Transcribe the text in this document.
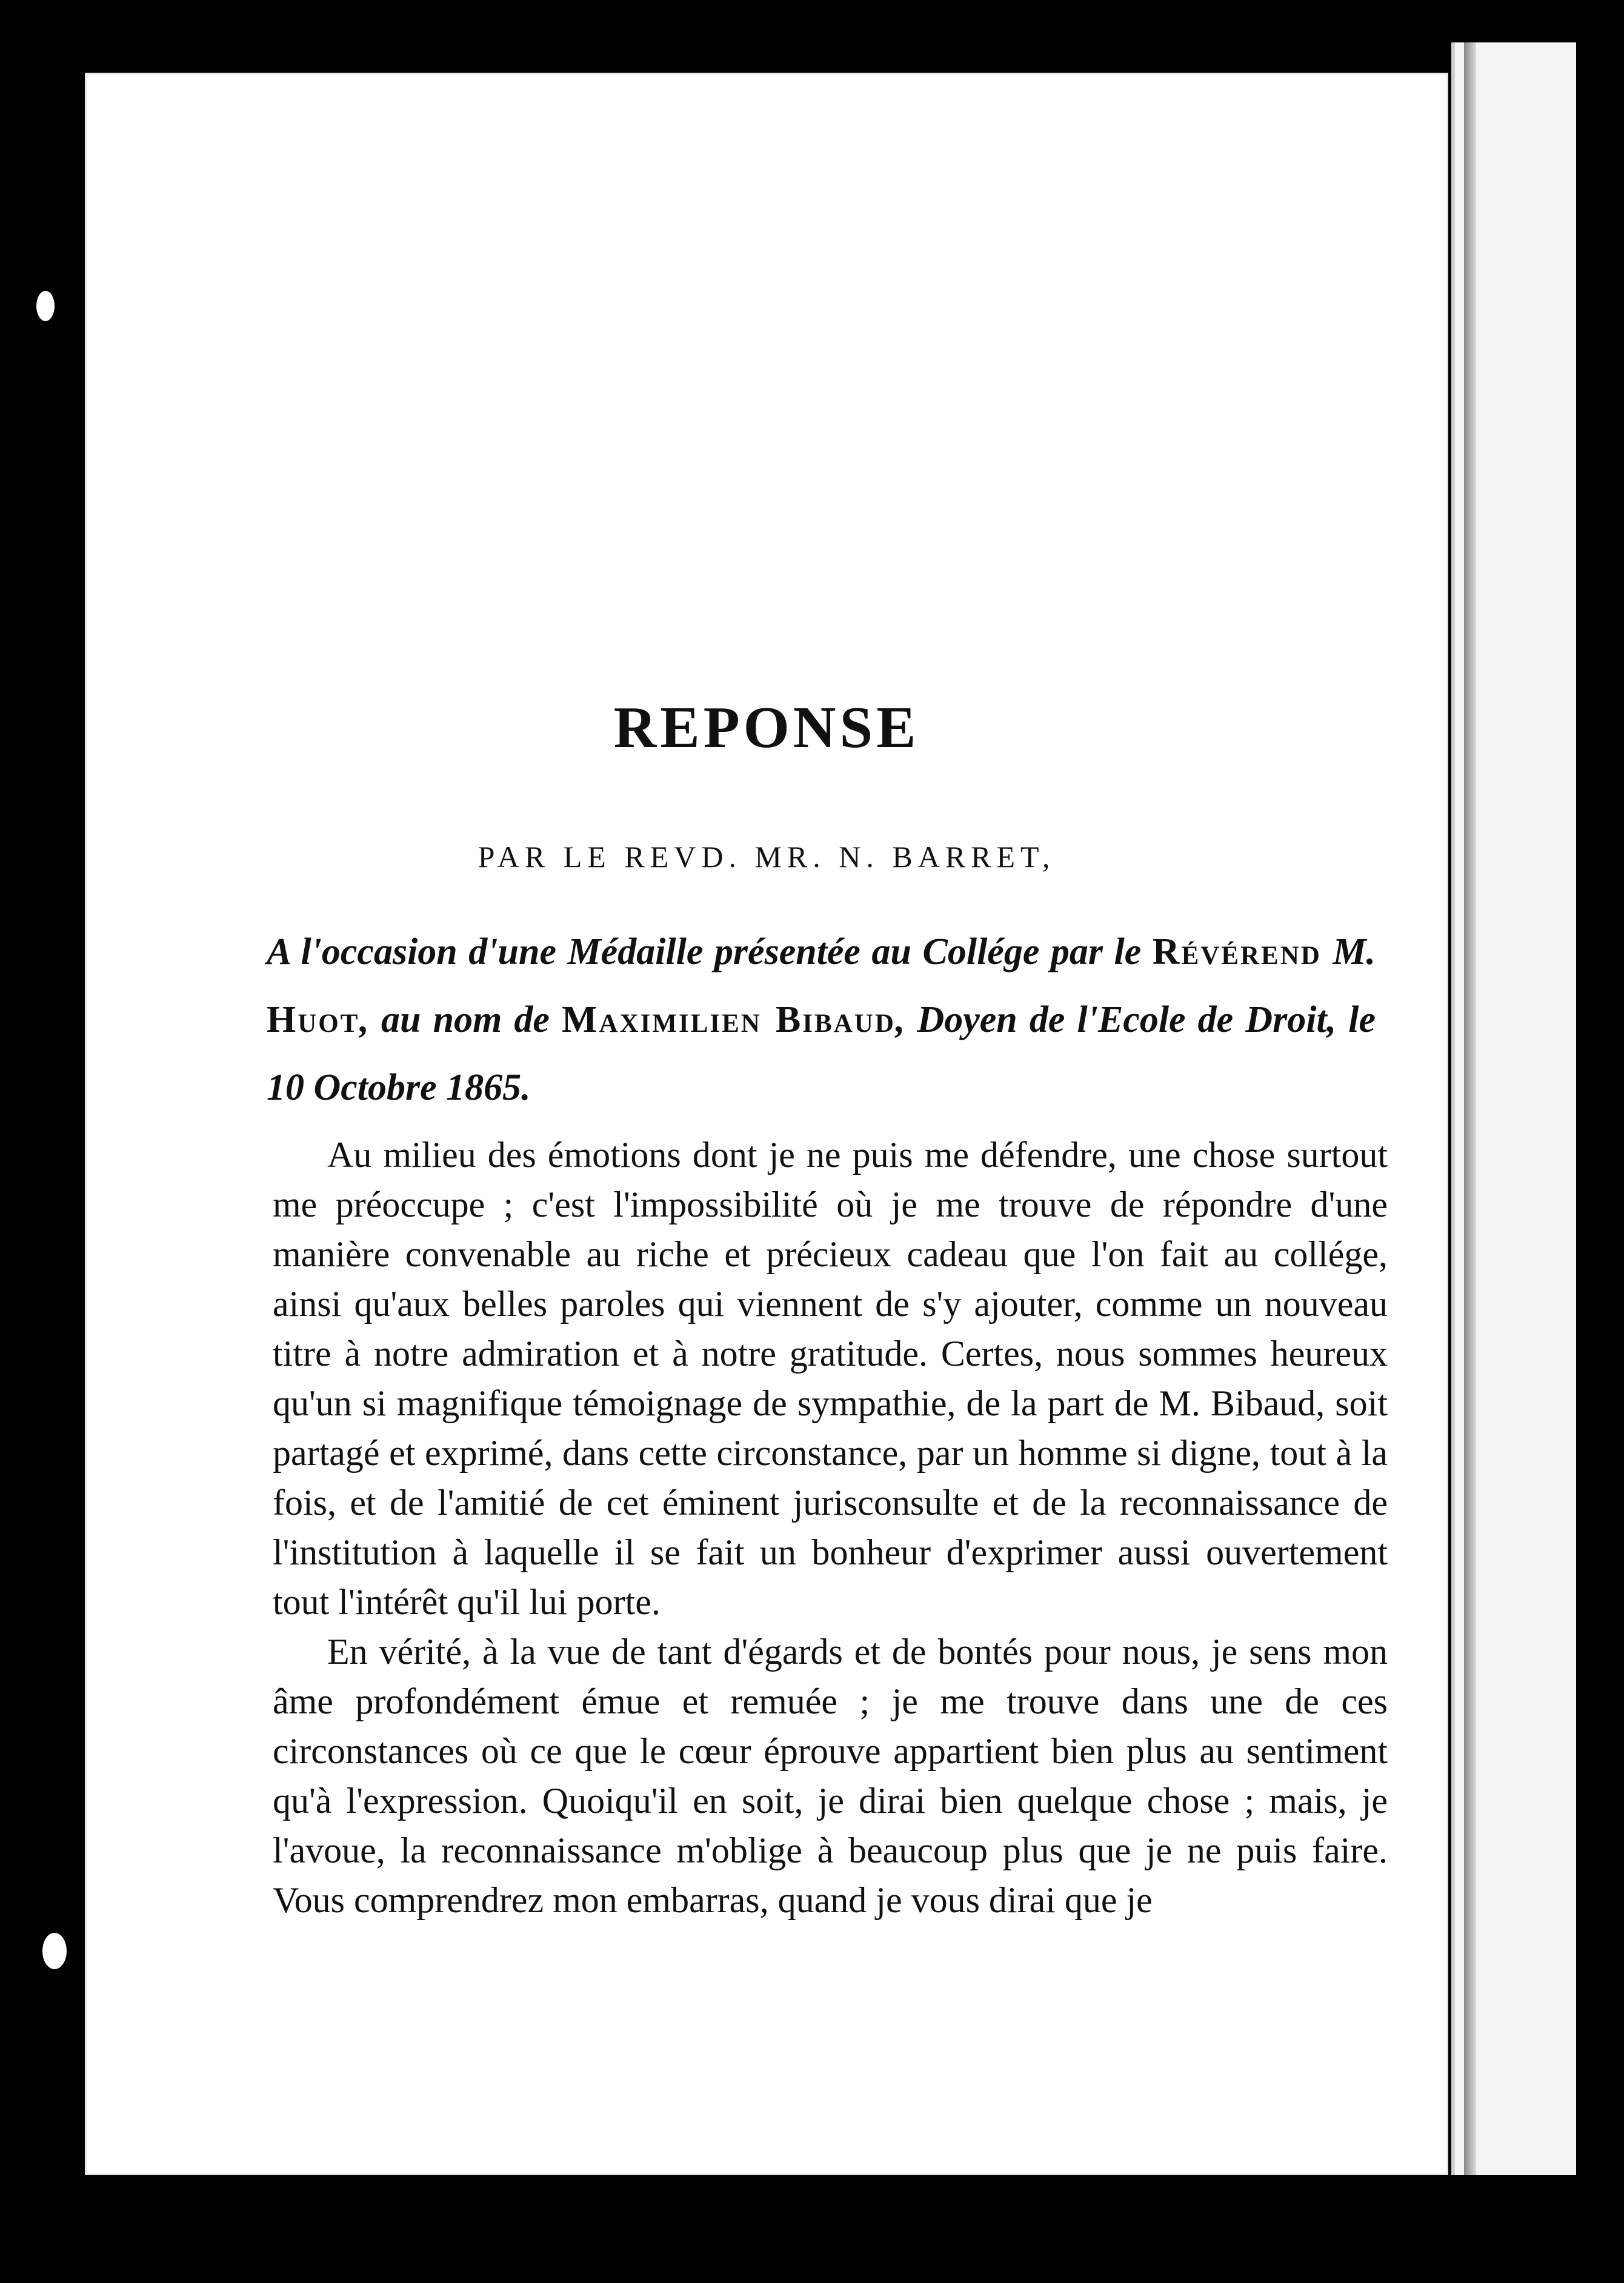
REPONSE
PAR LE REVD. MR. N. BARRET,
A l'occasion d'une Médaille présentée au Collége par le Révérend M. Huot, au nom de Maximilien Bibaud, Doyen de l'Ecole de Droit, le 10 Octobre 1865.

Au milieu des émotions dont je ne puis me défendre, une chose surtout me préoccupe ; c'est l'impossibilité où je me trouve de répondre d'une manière convenable au riche et précieux cadeau que l'on fait au collége, ainsi qu'aux belles paroles qui viennent de s'y ajouter, comme un nouveau titre à notre admiration et à notre gratitude. Certes, nous sommes heureux qu'un si magnifique témoignage de sympathie, de la part de M. Bibaud, soit partagé et exprimé, dans cette circonstance, par un homme si digne, tout à la fois, et de l'amitié de cet éminent jurisconsulte et de la reconnaissance de l'institution à laquelle il se fait un bonheur d'exprimer aussi ouvertement tout l'intérêt qu'il lui porte.

En vérité, à la vue de tant d'égards et de bontés pour nous, je sens mon âme profondément émue et remuée ; je me trouve dans une de ces circonstances où ce que le cœur éprouve appartient bien plus au sentiment qu'à l'expression. Quoiqu'il en soit, je dirai bien quelque chose ; mais, je l'avoue, la reconnaissance m'oblige à beaucoup plus que je ne puis faire. Vous comprendrez mon embarras, quand je vous dirai que je
